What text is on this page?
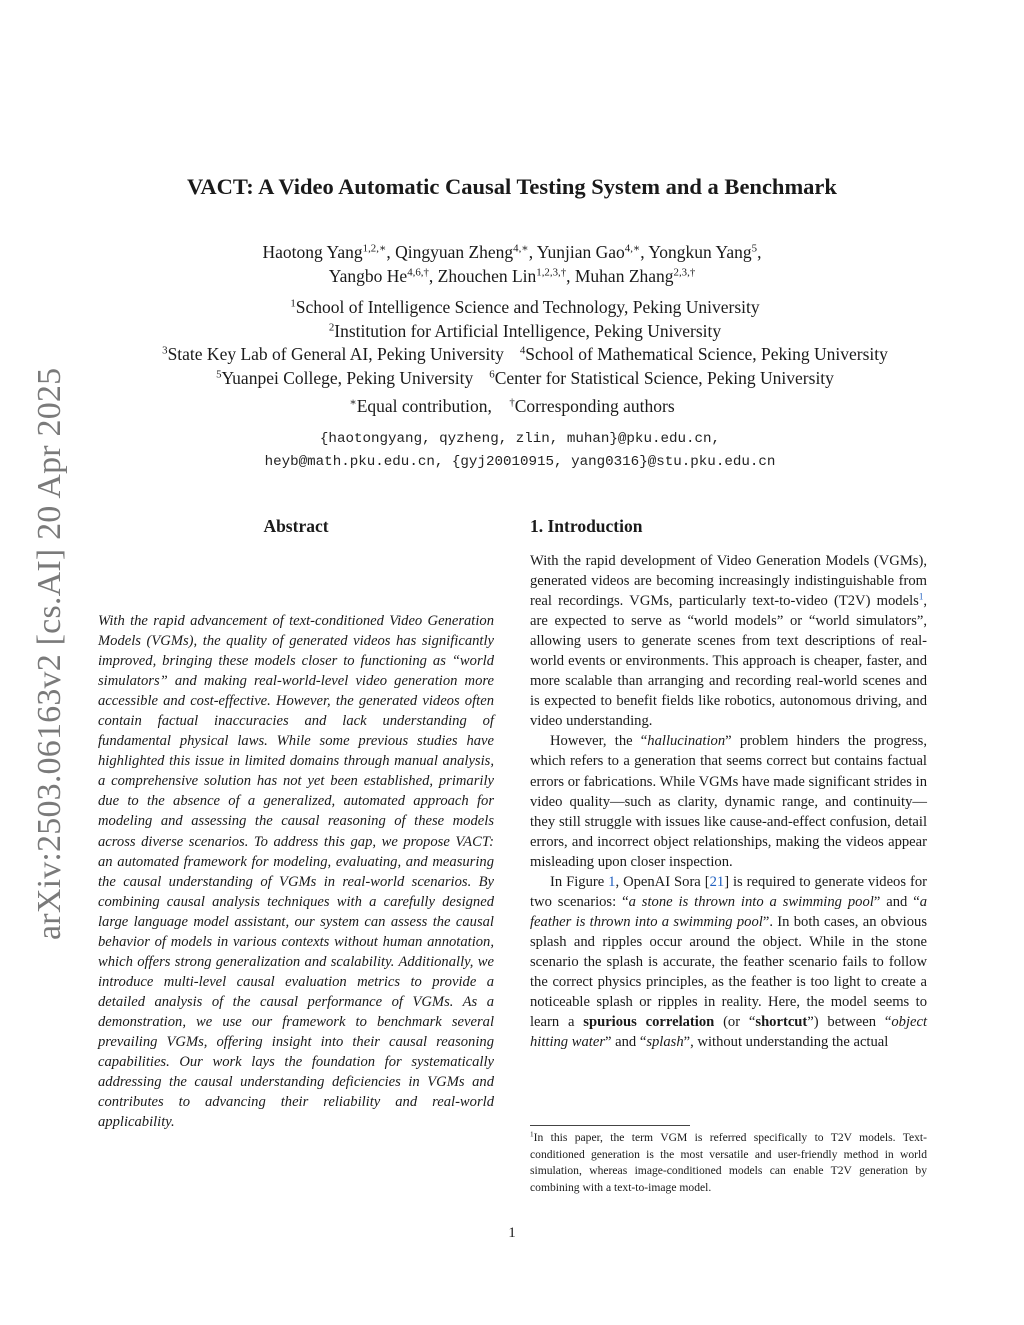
arXiv:2503.06163v2 [cs.AI] 20 Apr 2025
VACT: A Video Automatic Causal Testing System and a Benchmark
Haotong Yang$^{1,2,∗}$, Qingyuan Zheng$^{4,∗}$, Yunjian Gao$^{4,∗}$, Yongkun Yang$^5$,
Yangbo $He^{4,6,\dagger}$, Zhouchen Lin$^{1,2,3,\dagger}$, Muhan Zhang$^{2,3,\dagger}$
$^1$School of Intelligence Science and Technology, Peking University
$^2$Institution for Artificial Intelligence, Peking University
$^3$State Key Lab of General AI, Peking University $^4$School of Mathematical Science, Peking University
$^5$Yuanpei College, Peking University $^6$Center for Statistical Science, Peking University
∗Equal contribution, †Corresponding authors
{haotongyang, qyzheng, zlin, muhan}@pku.edu.cn,
heyb@math.pku.edu.cn, {gyj20010915, yang0316}@stu.pku.edu.cn
Abstract
With the rapid advancement of text-conditioned Video Generation Models (VGMs), the quality of generated videos has significantly improved, bringing these models closer to functioning as “world simulators” and making real-world-level video generation more accessible and cost-effective. However, the generated videos often contain factual inaccuracies and lack understanding of fundamental physical laws. While some previous studies have highlighted this issue in limited domains through manual analysis, a comprehensive solution has not yet been established, primarily due to the absence of a generalized, automated approach for modeling and assessing the causal reasoning of these models across diverse scenarios. To address this gap, we propose VACT: an automated framework for modeling, evaluating, and measuring the causal understanding of VGMs in real-world scenarios. By combining causal analysis techniques with a carefully designed large language model assistant, our system can assess the causal behavior of models in various contexts without human annotation, which offers strong generalization and scalability. Additionally, we introduce multi-level causal evaluation metrics to provide a detailed analysis of the causal performance of VGMs. As a demonstration, we use our framework to benchmark several prevailing VGMs, offering insight into their causal reasoning capabilities. Our work lays the foundation for systematically addressing the causal understanding deficiencies in VGMs and contributes to advancing their reliability and real-world applicability.
1. Introduction

With the rapid development of Video Generation Models (VGMs), generated videos are becoming increasingly indistinguishable from real recordings. VGMs, particularly text-to-video (T2V) models$^1$, are expected to serve as “world models” or “world simulators”, allowing users to generate scenes from text descriptions of real-world events or environments. This approach is cheaper, faster, and more scalable than arranging and recording real-world scenes and is expected to benefit fields like robotics, autonomous driving, and video understanding.

However, the “hallucination” problem hinders the progress, which refers to a generation that seems correct but contains factual errors or fabrications. While VGMs have made significant strides in video quality—such as clarity, dynamic range, and continuity—they still struggle with issues like cause-and-effect confusion, detail errors, and incorrect object relationships, making the videos appear misleading upon closer inspection.

In Figure 1, OpenAI Sora [21] is required to generate videos for two scenarios: “a stone is thrown into a swimming pool” and “a feather is thrown into a swimming pool”. In both cases, an obvious splash and ripples occur around the object. While in the stone scenario the splash is accurate, the feather scenario fails to follow the correct physics principles, as the feather is too light to create a noticeable splash or ripples in reality. Here, the model seems to learn a spurious correlation (or “shortcut”) between “object hitting water” and “splash”, without understanding the actual

$^1$In this paper, the term VGM is referred specifically to T2V models. Text-conditioned generation is the most versatile and user-friendly method in world simulation, whereas image-conditioned models can enable T2V generation by combining with a text-to-image model.
1
